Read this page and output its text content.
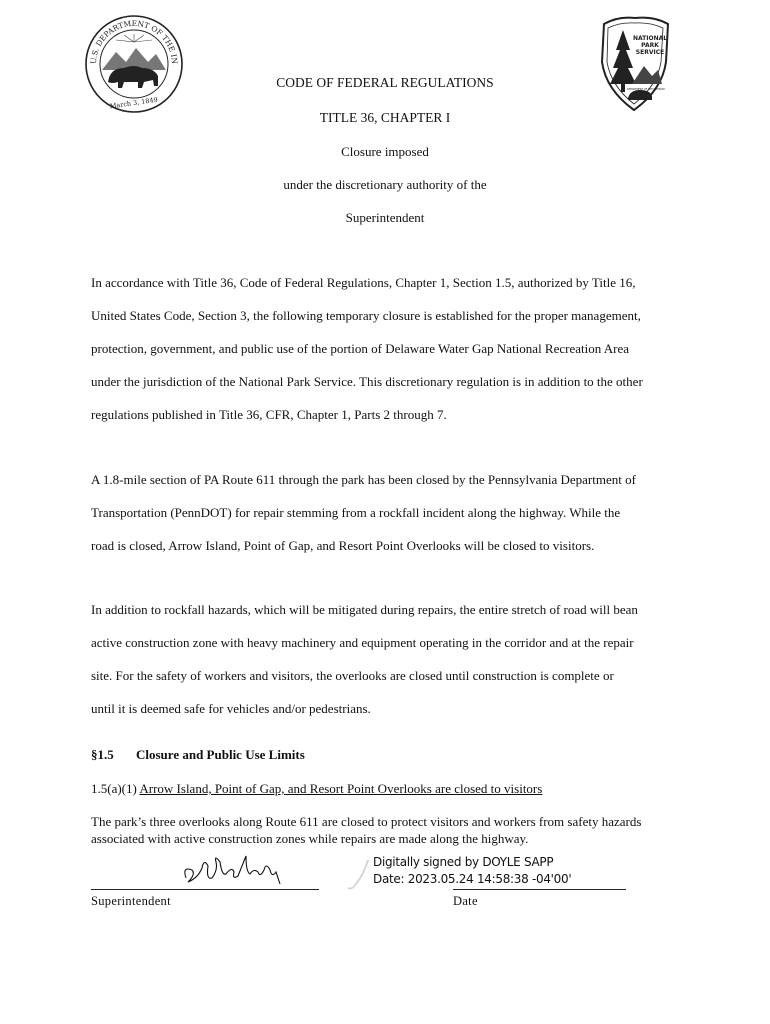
U.S. DEPARTMENT OF THE IN
March 3, 1849
NATIONAL
PARK
SERVICE
DEPARTMENT OF THE INTERIOR
CODE OF FEDERAL REGULATIONS
TITLE 36, CHAPTER I
Closure imposed
under the discretionary authority of the
Superintendent

In accordance with Title 36, Code of Federal Regulations, Chapter 1, Section 1.5, authorized by Title 16,

United States Code, Section 3, the following temporary closure is established for the proper management,

protection, government, and public use of the portion of Delaware Water Gap National Recreation Area

under the jurisdiction of the National Park Service. This discretionary regulation is in addition to the other

regulations published in Title 36, CFR, Chapter 1, Parts 2 through 7.

A 1.8-mile section of PA Route 611 through the park has been closed by the Pennsylvania Department of

Transportation (PennDOT) for repair stemming from a rockfall incident along the highway. While the

road is closed, Arrow Island, Point of Gap, and Resort Point Overlooks will be closed to visitors.

In addition to rockfall hazards, which will be mitigated during repairs, the entire stretch of road will bean

active construction zone with heavy machinery and equipment operating in the corridor and at the repair

site. For the safety of workers and visitors, the overlooks are closed until construction is complete or

until it is deemed safe for vehicles and/or pedestrians.

§1.5 Closure and Public Use Limits
1.5(a)(1) Arrow Island, Point of Gap, and Resort Point Overlooks are closed to visitors
The park’s three overlooks along Route 611 are closed to protect visitors and workers from safety hazards
associated with active construction zones while repairs are made along the highway.
Digitally signed by DOYLE SAPP
Date: 2023.05.24 14:58:38 -04'00'
Superintendent	Date
